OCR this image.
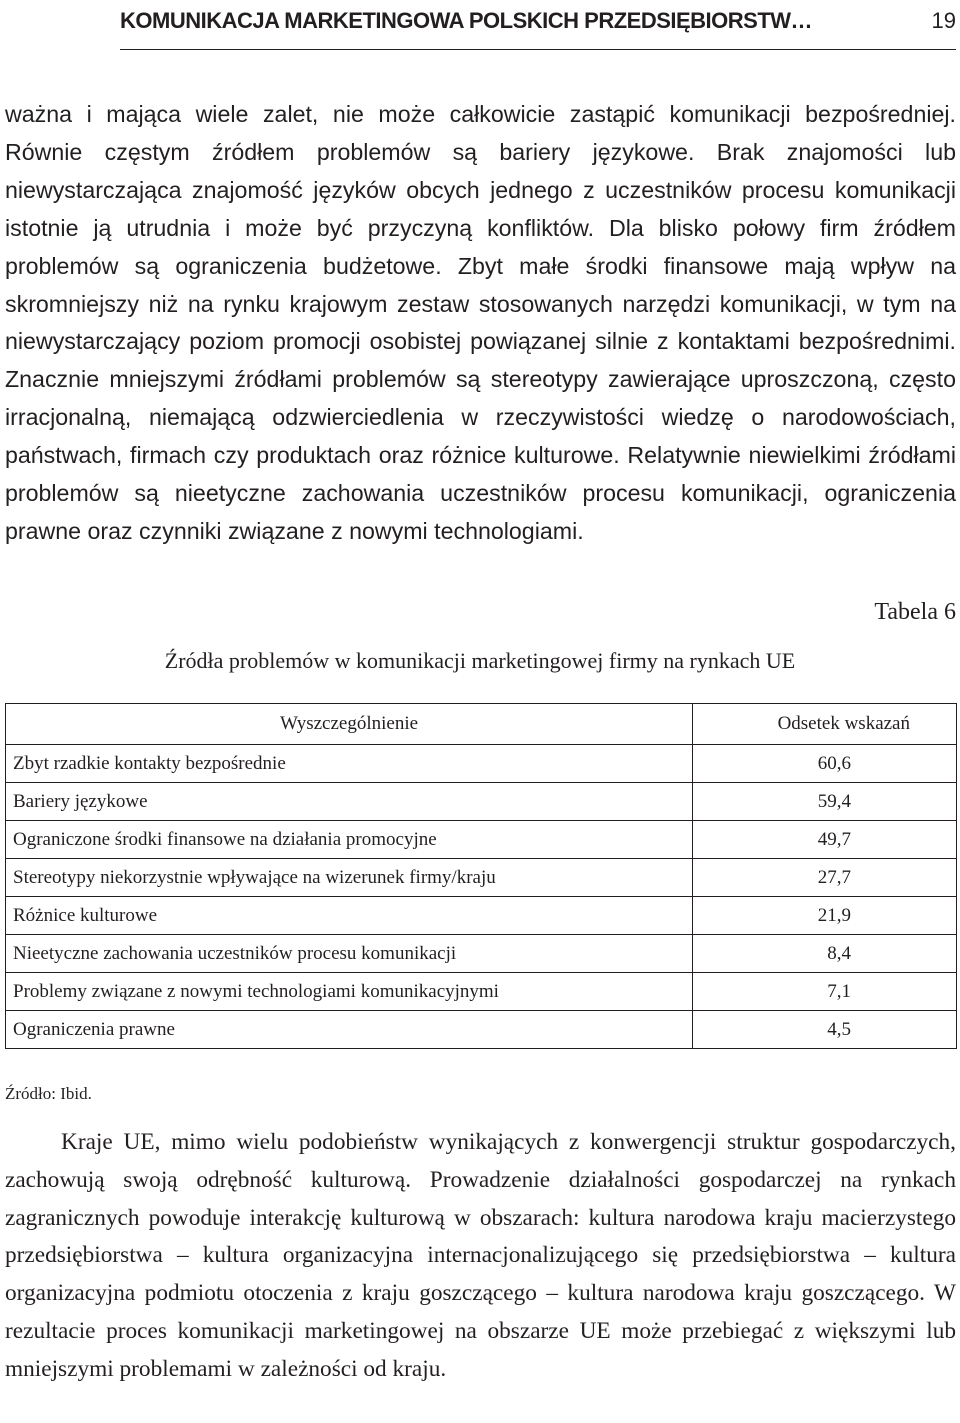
KOMUNIKACJA MARKETINGOWA POLSKICH PRZEDSIĘBIORSTW…	19

ważna i mająca wiele zalet, nie może całkowicie zastąpić komunikacji bezpośredniej. Równie częstym źródłem problemów są bariery językowe. Brak znajomości lub niewystarczająca znajomość języków obcych jednego z uczestników procesu komunikacji istotnie ją utrudnia i może być przyczyną konfliktów. Dla blisko połowy firm źródłem problemów są ograniczenia budżetowe. Zbyt małe środki finansowe mają wpływ na skromniejszy niż na rynku krajowym zestaw stosowanych narzędzi komunikacji, w tym na niewystarczający poziom promocji osobistej powiązanej silnie z kontaktami bezpośrednimi. Znacznie mniejszymi źródłami problemów są stereotypy zawierające uproszczoną, często irracjonalną, niemającą odzwierciedlenia w rzeczywistości wiedzę o narodowościach, państwach, firmach czy produktach oraz różnice kulturowe. Relatywnie niewielkimi źródłami problemów są nieetyczne zachowania uczestników procesu komunikacji, ograniczenia prawne oraz czynniki związane z nowymi technologiami.

Tabela 6
Źródła problemów w komunikacji marketingowej firmy na rynkach UE
Wyszczególnienie	Odsetek wskazań
Zbyt rzadkie kontakty bezpośrednie	60,6
Bariery językowe	59,4
Ograniczone środki finansowe na działania promocyjne	49,7
Stereotypy niekorzystnie wpływające na wizerunek firmy/kraju	27,7
Różnice kulturowe	21,9
Nieetyczne zachowania uczestników procesu komunikacji	8,4
Problemy związane z nowymi technologiami komunikacyjnymi	7,1
Ograniczenia prawne	4,5
Źródło: Ibid.

Kraje UE, mimo wielu podobieństw wynikających z konwergencji struktur gospodarczych, zachowują swoją odrębność kulturową. Prowadzenie działalności gospodarczej na rynkach zagranicznych powoduje interakcję kulturową w obszarach: kultura narodowa kraju macierzystego przedsiębiorstwa – kultura organizacyjna internacjonalizującego się przedsiębiorstwa – kultura organizacyjna podmiotu otoczenia z kraju goszczącego – kultura narodowa kraju goszczącego. W rezultacie proces komunikacji marketingowej na obszarze UE może przebiegać z większymi lub mniejszymi problemami w zależności od kraju.
